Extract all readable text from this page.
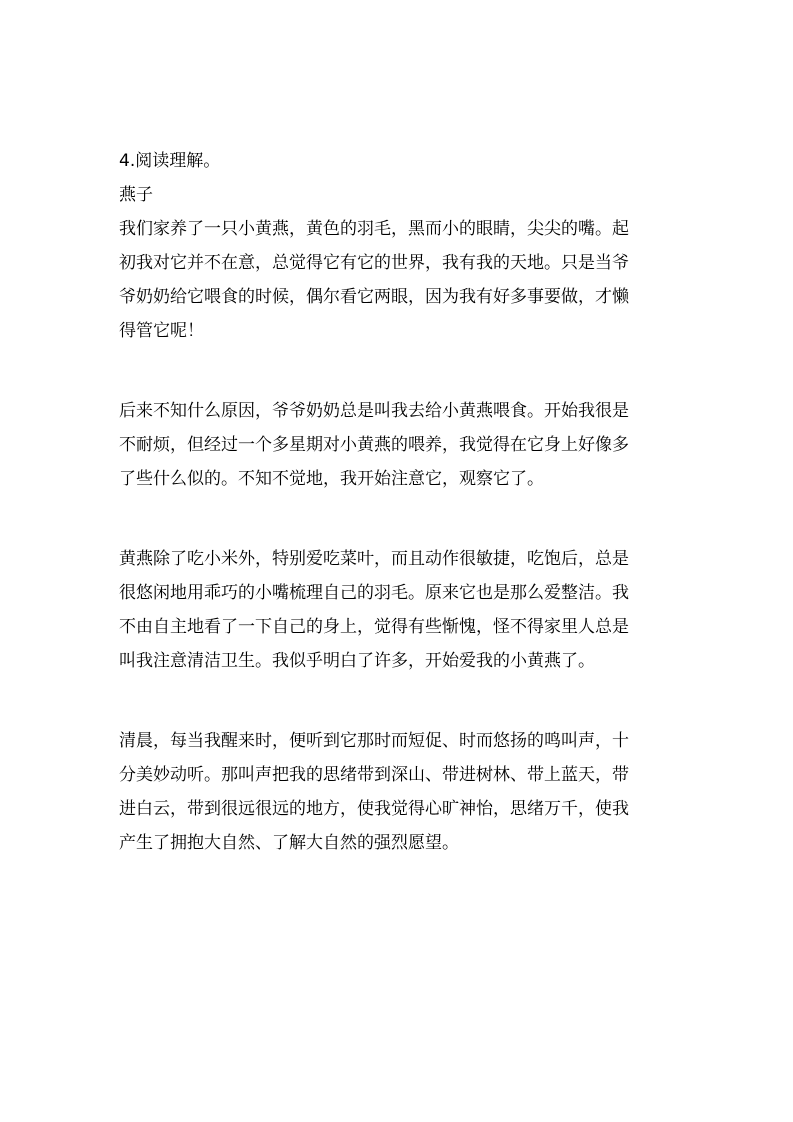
4.阅读理解。
燕子
我们家养了一只小黄燕，黄色的羽毛，黑而小的眼睛，尖尖的嘴。起
初我对它并不在意，总觉得它有它的世界，我有我的天地。只是当爷
爷奶奶给它喂食的时候，偶尔看它两眼，因为我有好多事要做，才懒
得管它呢！
后来不知什么原因，爷爷奶奶总是叫我去给小黄燕喂食。开始我很是
不耐烦，但经过一个多星期对小黄燕的喂养，我觉得在它身上好像多
了些什么似的。不知不觉地，我开始注意它，观察它了。
黄燕除了吃小米外，特别爱吃菜叶，而且动作很敏捷，吃饱后，总是
很悠闲地用乖巧的小嘴梳理自己的羽毛。原来它也是那么爱整洁。我
不由自主地看了一下自己的身上，觉得有些惭愧，怪不得家里人总是
叫我注意清洁卫生。我似乎明白了许多，开始爱我的小黄燕了。
清晨，每当我醒来时，便听到它那时而短促、时而悠扬的鸣叫声，十
分美妙动听。那叫声把我的思绪带到深山、带进树林、带上蓝天，带
进白云，带到很远很远的地方，使我觉得心旷神怡，思绪万千，使我
产生了拥抱大自然、了解大自然的强烈愿望。
